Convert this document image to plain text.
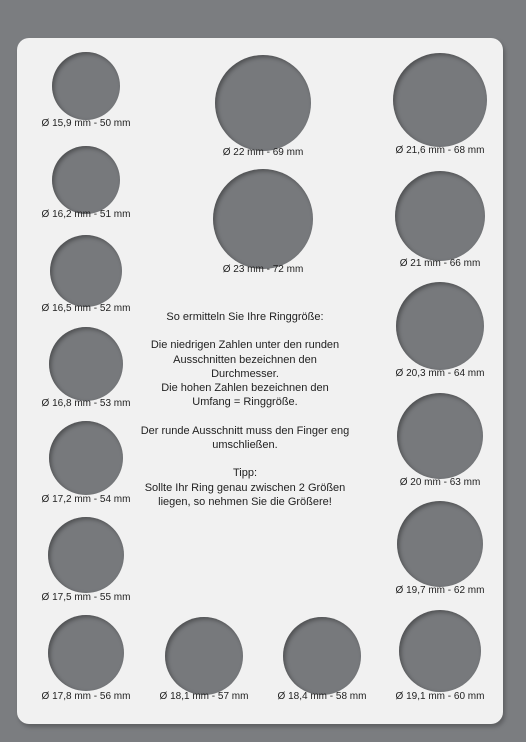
Ø 15,9 mm - 50 mm
Ø 16,2 mm - 51 mm
Ø 16,5 mm - 52 mm
Ø 16,8 mm - 53 mm
Ø 17,2 mm - 54 mm
Ø 17,5 mm - 55 mm
Ø 17,8 mm - 56 mm	Ø 18,1 mm - 57 mm	Ø 18,4 mm - 58 mm	Ø 19,1 mm - 60 mm
Ø 19,7 mm - 62 mm
Ø 20 mm - 63 mm
Ø 20,3 mm - 64 mm
Ø 21 mm - 66 mm
Ø 21,6 mm - 68 mm
Ø 22 mm - 69 mm
Ø 23 mm - 72 mm

So ermitteln Sie Ihre Ringgröße:

Die niedrigen Zahlen unter den runden
Ausschnitten bezeichnen den Durchmesser.
Die hohen Zahlen bezeichnen den
Umfang = Ringgröße.

Der runde Ausschnitt muss den Finger eng
umschließen.

Tipp:
Sollte Ihr Ring genau zwischen 2 Größen
liegen, so nehmen Sie die Größere!
